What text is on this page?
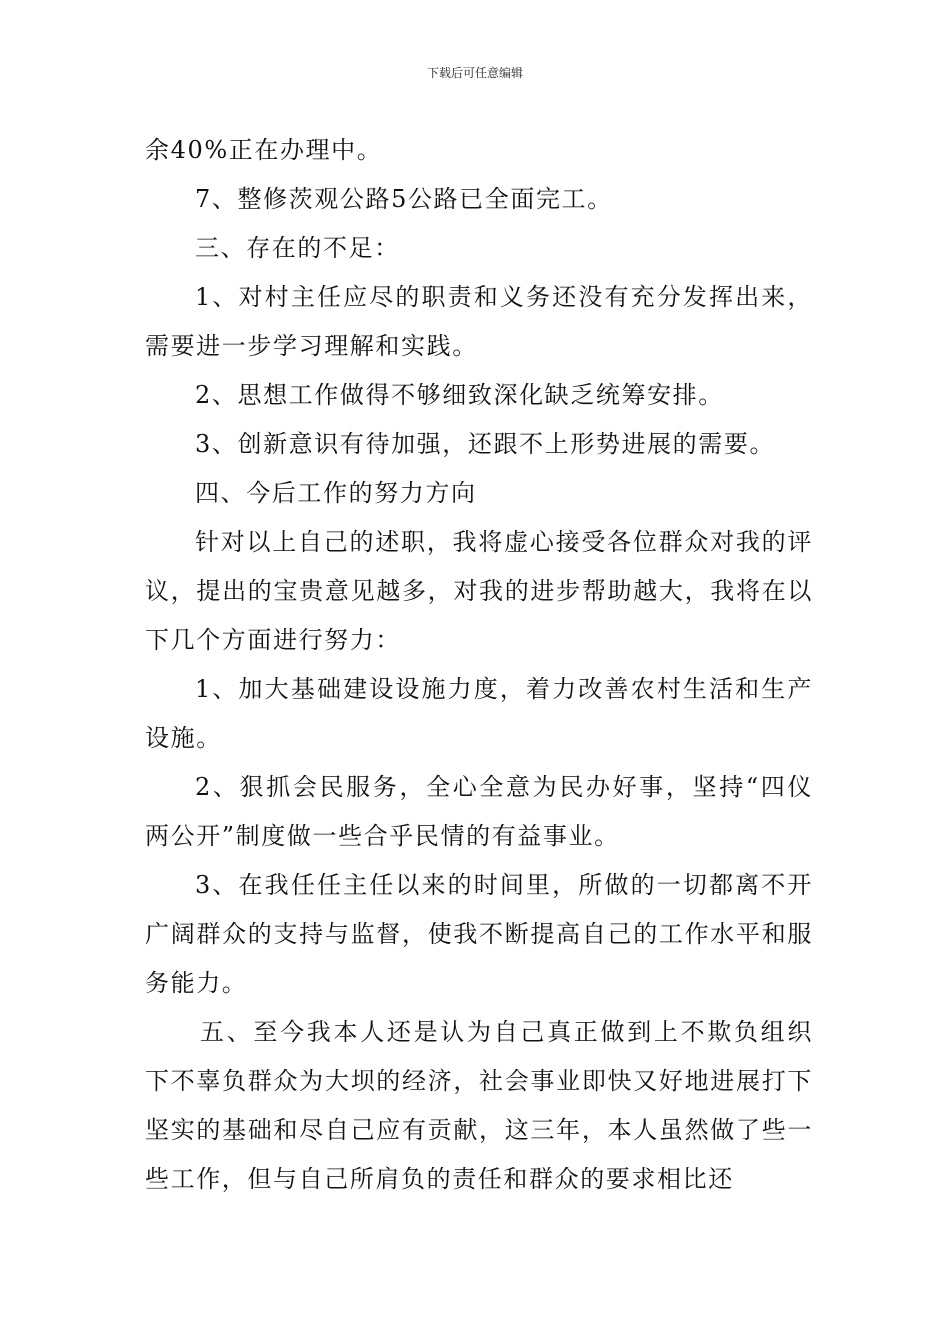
下载后可任意编辑

余40%正在办理中。

7、整修茨观公路5公路已全面完工。

三、存在的不足：

1、对村主任应尽的职责和义务还没有充分发挥出来，需要进一步学习理解和实践。

2、思想工作做得不够细致深化缺乏统筹安排。

3、创新意识有待加强，还跟不上形势进展的需要。

四、今后工作的努力方向

针对以上自己的述职，我将虚心接受各位群众对我的评议，提出的宝贵意见越多，对我的进步帮助越大，我将在以下几个方面进行努力：

1、加大基础建设设施力度，着力改善农村生活和生产设施。

2、狠抓会民服务，全心全意为民办好事，坚持“四仪两公开”制度做一些合乎民情的有益事业。

3、在我任任主任以来的时间里，所做的一切都离不开广阔群众的支持与监督，使我不断提高自己的工作水平和服务能力。

五、至今我本人还是认为自己真正做到上不欺负组织下不辜负群众为大坝的经济，社会事业即快又好地进展打下坚实的基础和尽自己应有贡献，这三年，本人虽然做了些一些工作，但与自己所肩负的责任和群众的要求相比还
